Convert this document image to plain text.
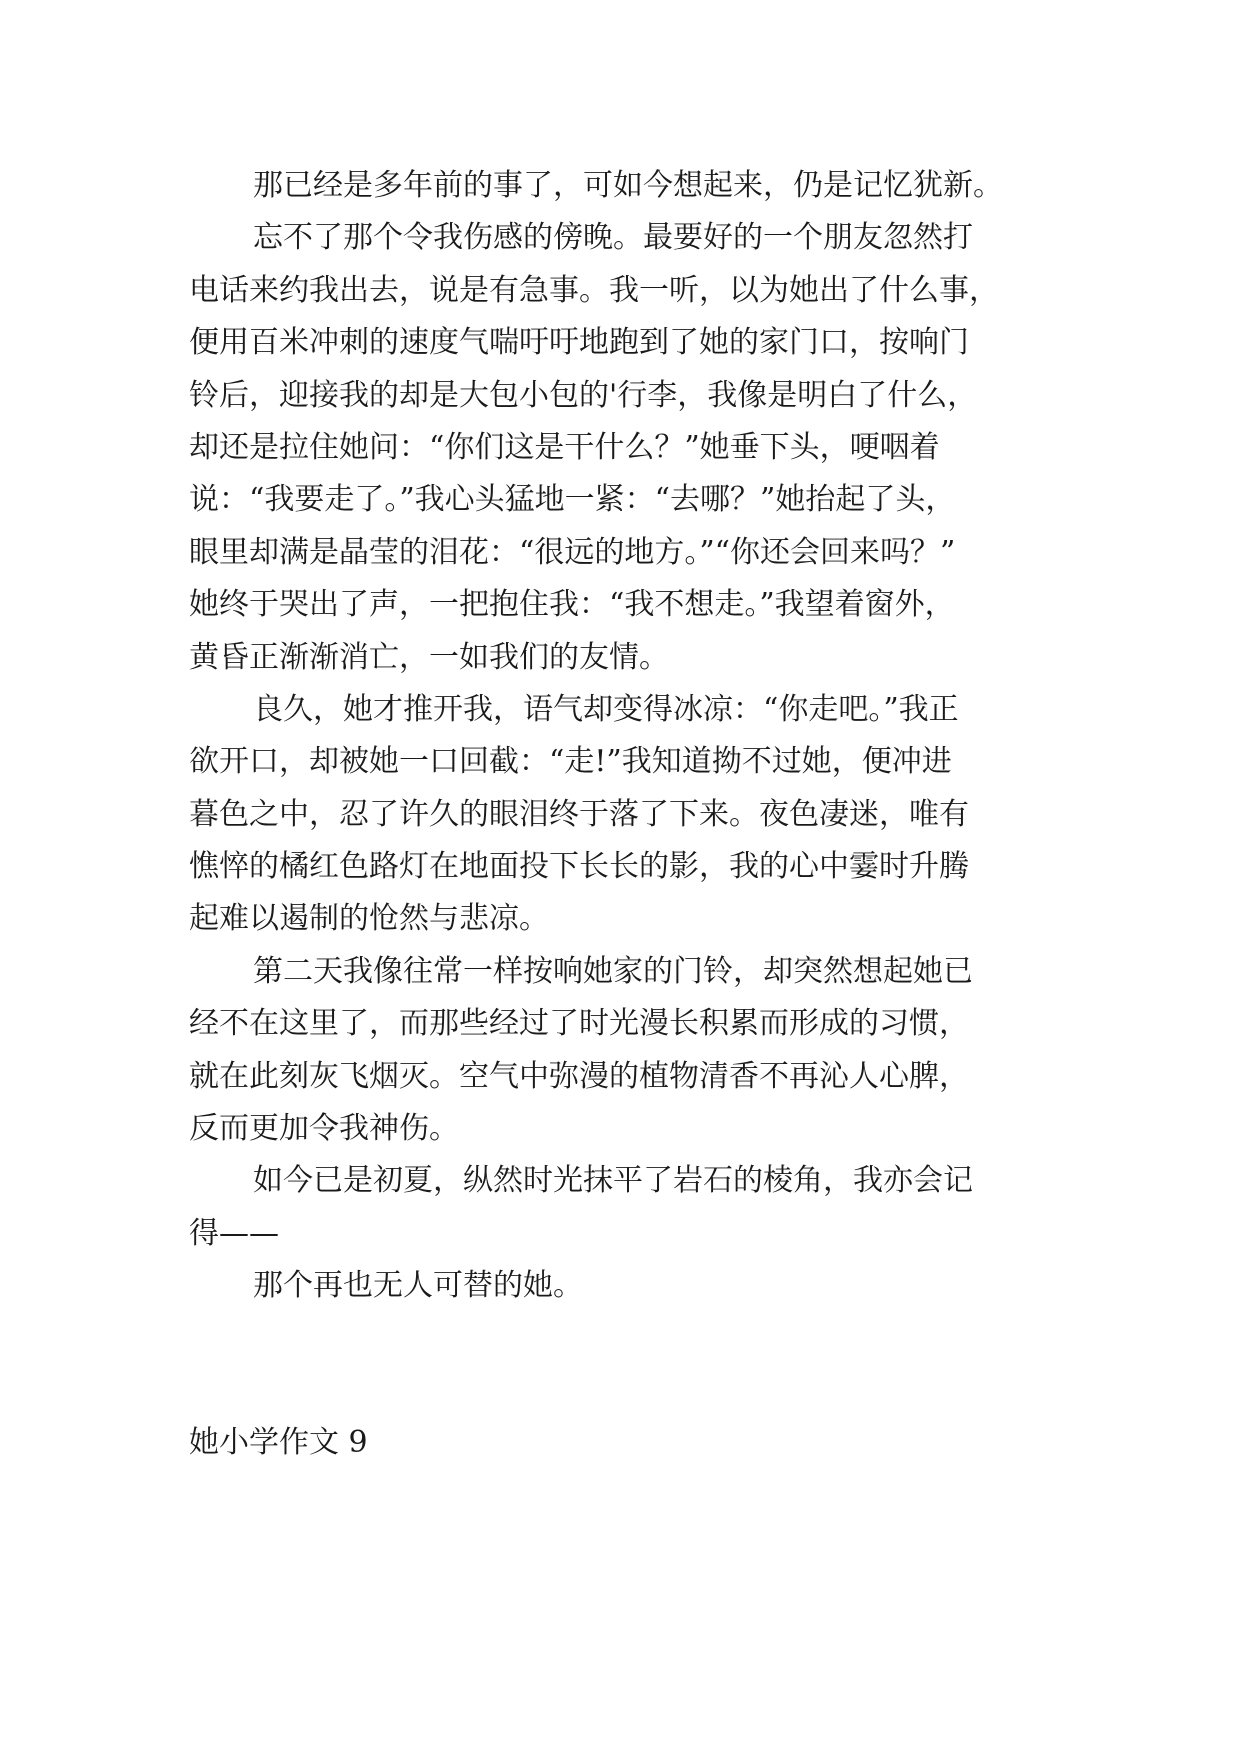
那已经是多年前的事了，可如今想起来，仍是记忆犹新。
忘不了那个令我伤感的傍晚。最要好的一个朋友忽然打
电话来约我出去，说是有急事。我一听，以为她出了什么事，
便用百米冲刺的速度气喘吁吁地跑到了她的家门口，按响门
铃后，迎接我的却是大包小包的'行李，我像是明白了什么，
却还是拉住她问：“你们这是干什么？”她垂下头，哽咽着
说：“我要走了。”我心头猛地一紧：“去哪？”她抬起了头，
眼里却满是晶莹的泪花：“很远的地方。”“你还会回来吗？”
她终于哭出了声，一把抱住我：“我不想走。”我望着窗外，
黄昏正渐渐消亡，一如我们的友情。
良久，她才推开我，语气却变得冰凉：“你走吧。”我正
欲开口，却被她一口回截：“走!”我知道拗不过她，便冲进
暮色之中，忍了许久的眼泪终于落了下来。夜色凄迷，唯有
憔悴的橘红色路灯在地面投下长长的影，我的心中霎时升腾
起难以遏制的怆然与悲凉。
第二天我像往常一样按响她家的门铃，却突然想起她已
经不在这里了，而那些经过了时光漫长积累而形成的习惯，
就在此刻灰飞烟灭。空气中弥漫的植物清香不再沁人心脾，
反而更加令我神伤。
如今已是初夏，纵然时光抹平了岩石的棱角，我亦会记
得——
那个再也无人可替的她。
她小学作文 9
